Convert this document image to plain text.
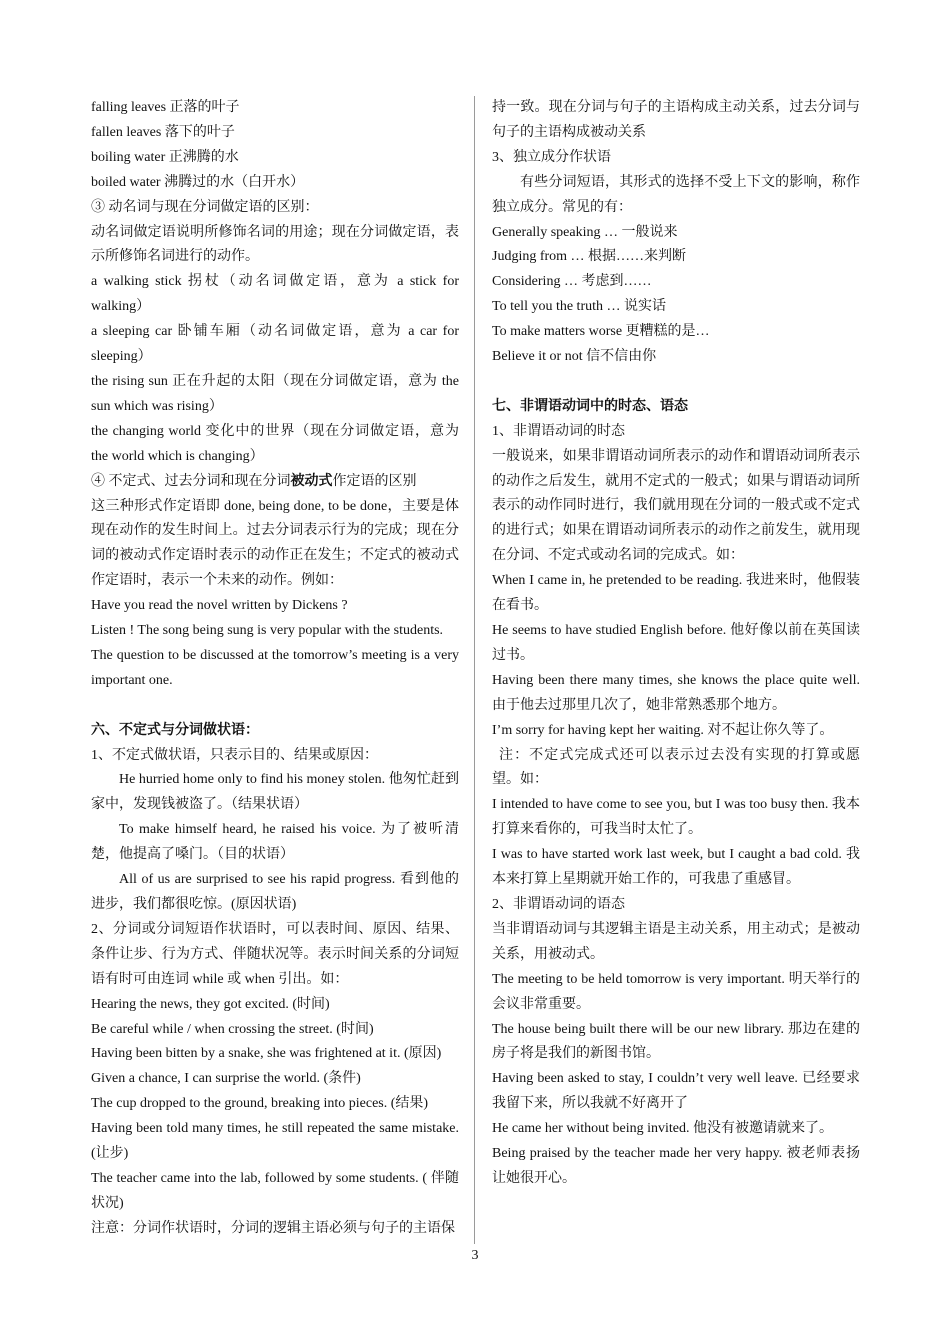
falling leaves 正落的叶子

fallen leaves 落下的叶子

boiling water 正沸腾的水

boiled water 沸腾过的水（白开水）

③ 动名词与现在分词做定语的区别：

动名词做定语说明所修饰名词的用途；现在分词做定语，表示所修饰名词进行的动作。

a walking stick 拐杖（动名词做定语，意为 a stick for walking）

a sleeping car 卧铺车厢（动名词做定语，意为 a car for sleeping）

the rising sun 正在升起的太阳（现在分词做定语，意为 the sun which was rising）

the changing world 变化中的世界（现在分词做定语，意为 the world which is changing）

④ 不定式、过去分词和现在分词被动式作定语的区别

这三种形式作定语即 done, being done, to be done，主要是体现在动作的发生时间上。过去分词表示行为的完成；现在分词的被动式作定语时表示的动作正在发生；不定式的被动式作定语时，表示一个未来的动作。例如：

Have you read the novel written by Dickens ?

Listen ! The song being sung is very popular with the students.

The question to be discussed at the tomorrow’s meeting is a very important one.

六、不定式与分词做状语：

1、不定式做状语，只表示目的、结果或原因：

He hurried home only to find his money stolen. 他匆忙赶到家中，发现钱被盗了。（结果状语）

To make himself heard, he raised his voice. 为了被听清楚，他提高了嗓门。（目的状语）

All of us are surprised to see his rapid progress. 看到他的进步，我们都很吃惊。(原因状语)

2、分词或分词短语作状语时，可以表时间、原因、结果、条件让步、行为方式、伴随状况等。表示时间关系的分词短语有时可由连词 while 或 when 引出。如：

Hearing the news, they got excited. (时间)

Be careful while / when crossing the street. (时间)

Having been bitten by a snake, she was frightened at it. (原因)

Given a chance, I can surprise the world. (条件)

The cup dropped to the ground, breaking into pieces. (结果)

Having been told many times, he still repeated the same mistake. (让步)

The teacher came into the lab, followed by some students. ( 伴随状况)

注意：分词作状语时，分词的逻辑主语必须与句子的主语保

持一致。现在分词与句子的主语构成主动关系，过去分词与句子的主语构成被动关系

3、独立成分作状语

有些分词短语，其形式的选择不受上下文的影响，称作独立成分。常见的有：

Generally speaking … 一般说来

Judging from … 根据……来判断

Considering … 考虑到……

To tell you the truth … 说实话

To make matters worse 更糟糕的是…

Believe it or not 信不信由你

七、非谓语动词中的时态、语态

1、非谓语动词的时态

一般说来，如果非谓语动词所表示的动作和谓语动词所表示的动作之后发生，就用不定式的一般式；如果与谓语动词所表示的动作同时进行，我们就用现在分词的一般式或不定式的进行式；如果在谓语动词所表示的动作之前发生，就用现在分词、不定式或动名词的完成式。如：

When I came in, he pretended to be reading. 我进来时，他假装在看书。

He seems to have studied English before. 他好像以前在英国读过书。

Having been there many times, she knows the place quite well. 由于他去过那里几次了，她非常熟悉那个地方。

I’m sorry for having kept her waiting. 对不起让你久等了。

注：不定式完成式还可以表示过去没有实现的打算或愿望。如：

I intended to have come to see you, but I was too busy then. 我本打算来看你的，可我当时太忙了。

I was to have started work last week, but I caught a bad cold. 我本来打算上星期就开始工作的，可我患了重感冒。

2、非谓语动词的语态

当非谓语动词与其逻辑主语是主动关系，用主动式；是被动关系，用被动式。

The meeting to be held tomorrow is very important. 明天举行的会议非常重要。

The house being built there will be our new library. 那边在建的房子将是我们的新图书馆。

Having been asked to stay, I couldn’t very well leave. 已经要求我留下来，所以我就不好离开了

He came her without being invited. 他没有被邀请就来了。

Being praised by the teacher made her very happy. 被老师表扬让她很开心。

3
